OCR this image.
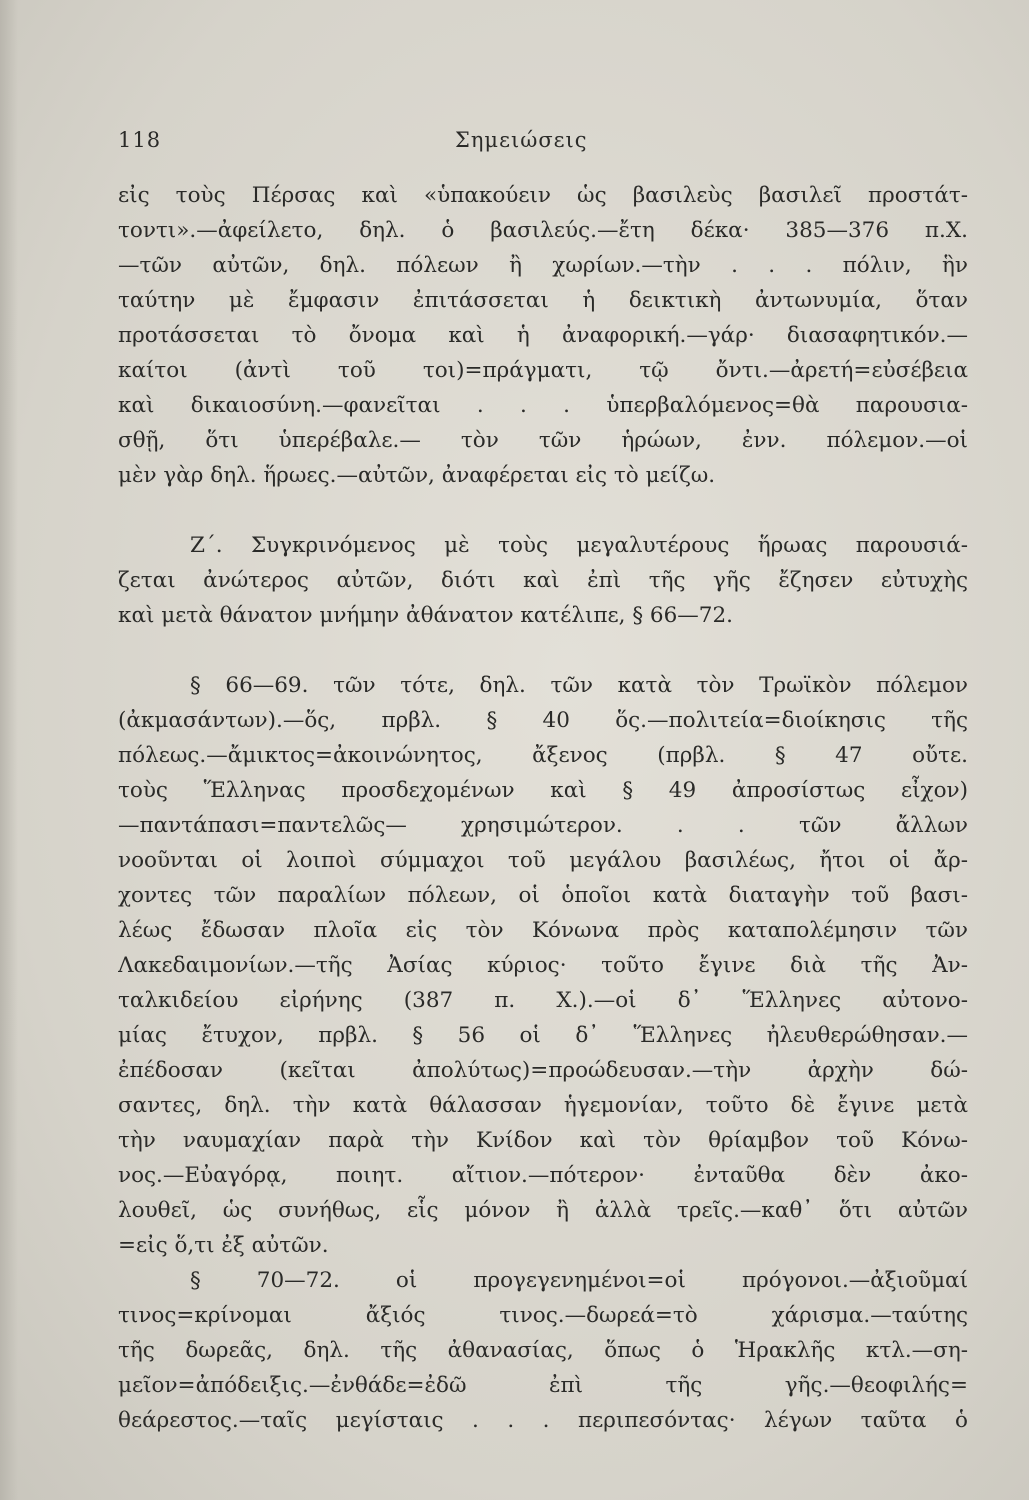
118	Σημειώσεις
εἰς τοὺς Πέρσας καὶ «ὑπακούειν ὡς βασιλεὺς βασιλεῖ προστάτ-
τοντι».—ἀφείλετο, δηλ. ὁ βασιλεύς.—ἔτη δέκα· 385—376 π.Χ.
—τῶν αὐτῶν, δηλ. πόλεων ἢ χωρίων.—τὴν . . . πόλιν, ἣν
ταύτην μὲ ἔμφασιν ἐπιτάσσεται ἡ δεικτικὴ ἀντωνυμία, ὅταν
προτάσσεται τὸ ὄνομα καὶ ἡ ἀναφορική.—γάρ· διασαφητικόν.—
καίτοι (ἀντὶ τοῦ τοι)=πράγματι, τῷ ὄντι.—ἀρετή=εὐσέβεια
καὶ δικαιοσύνη.—φανεῖται . . . ὑπερβαλόμενος=θὰ παρουσια-
σθῇ, ὅτι ὑπερέβαλε.— τὸν τῶν ἡρώων, ἐνν. πόλεμον.—οἱ
μὲν γὰρ δηλ. ἥρωες.—αὐτῶν, ἀναφέρεται εἰς τὸ μείζω.
Ζ΄. Συγκρινόμενος μὲ τοὺς μεγαλυτέρους ἥρωας παρουσιά-
ζεται ἀνώτερος αὐτῶν, διότι καὶ ἐπὶ τῆς γῆς ἔζησεν εὐτυχὴς
καὶ μετὰ θάνατον μνήμην ἀθάνατον κατέλιπε, § 66—72.
§ 66—69. τῶν τότε, δηλ. τῶν κατὰ τὸν Τρωϊκὸν πόλεμον
(ἀκμασάντων).—ὅς, πρβλ. § 40 ὅς.—πολιτεία=διοίκησις τῆς
πόλεως.—ἄμικτος=ἀκοινώνητος, ἄξενος (πρβλ. § 47 οὔτε.
τοὺς Ἕλληνας προσδεχομένων καὶ § 49 ἀπροσίστως εἶχον)
—παντάπασι=παντελῶς— χρησιμώτερον. . . τῶν ἄλλων
νοοῦνται οἱ λοιποὶ σύμμαχοι τοῦ μεγάλου βασιλέως, ἤτοι οἱ ἄρ-
χοντες τῶν παραλίων πόλεων, οἱ ὁποῖοι κατὰ διαταγὴν τοῦ βασι-
λέως ἔδωσαν πλοῖα εἰς τὸν Κόνωνα πρὸς καταπολέμησιν τῶν
Λακεδαιμονίων.—τῆς Ἀσίας κύριος· τοῦτο ἔγινε διὰ τῆς Ἀν-
ταλκιδείου εἰρήνης (387 π. Χ.).—οἱ δ᾽ Ἕλληνες αὐτονο-
μίας ἔτυχον, πρβλ. § 56 οἱ δ᾽ Ἕλληνες ἠλευθερώθησαν.—
ἐπέδοσαν (κεῖται ἀπολύτως)=προώδευσαν.—τὴν ἀρχὴν δώ-
σαντες, δηλ. τὴν κατὰ θάλασσαν ἡγεμονίαν, τοῦτο δὲ ἔγινε μετὰ
τὴν ναυμαχίαν παρὰ τὴν Κνίδον καὶ τὸν θρίαμβον τοῦ Κόνω-
νος.—Εὐαγόρᾳ, ποιητ. αἴτιον.—πότερον· ἐνταῦθα δὲν ἀκο-
λουθεῖ, ὡς συνήθως, εἷς μόνον ἢ ἀλλὰ τρεῖς.—καθ᾽ ὅτι αὐτῶν
=εἰς ὅ,τι ἐξ αὐτῶν.
§ 70—72. οἱ προγεγενημένοι=οἱ πρόγονοι.—ἀξιοῦμαί
τινος=κρίνομαι ἄξιός τινος.—δωρεά=τὸ χάρισμα.—ταύτης
τῆς δωρεᾶς, δηλ. τῆς ἀθανασίας, ὅπως ὁ Ἡρακλῆς κτλ.—ση-
μεῖον=ἀπόδειξις.—ἐνθάδε=ἐδῶ ἐπὶ τῆς γῆς.—θεοφιλής=
θεάρεστος.—ταῖς μεγίσταις . . . περιπεσόντας· λέγων ταῦτα ὁ
